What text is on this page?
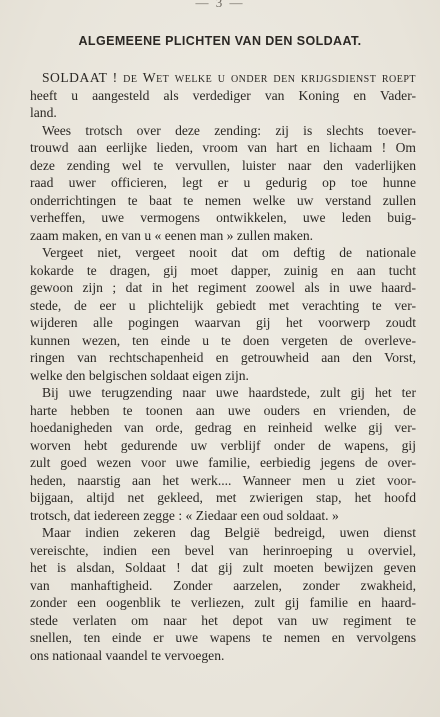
— 3 —
ALGEMEENE PLICHTEN VAN DEN SOLDAAT.

SOLDAAT ! de Wet welke u onder den krijgsdienst roept
heeft u aangesteld als verdediger van Koning en Vader-
land.

Wees trotsch over deze zending: zij is slechts toever-
trouwd aan eerlijke lieden, vroom van hart en lichaam ! Om
deze zending wel te vervullen, luister naar den vaderlijken
raad uwer officieren, legt er u gedurig op toe hunne
onderrichtingen te baat te nemen welke uw verstand zullen
verheffen, uwe vermogens ontwikkelen, uwe leden buig-
zaam maken, en van u « eenen man » zullen maken.

Vergeet niet, vergeet nooit dat om deftig de nationale
kokarde te dragen, gij moet dapper, zuinig en aan tucht
gewoon zijn ; dat in het regiment zoowel als in uwe haard-
stede, de eer u plichtelijk gebiedt met verachting te ver-
wijderen alle pogingen waarvan gij het voorwerp zoudt
kunnen wezen, ten einde u te doen vergeten de overleve-
ringen van rechtschapenheid en getrouwheid aan den Vorst,
welke den belgischen soldaat eigen zijn.

Bij uwe terugzending naar uwe haardstede, zult gij het ter
harte hebben te toonen aan uwe ouders en vrienden, de
hoedanigheden van orde, gedrag en reinheid welke gij ver-
worven hebt gedurende uw verblijf onder de wapens, gij
zult goed wezen voor uwe familie, eerbiedig jegens de over-
heden, naarstig aan het werk.... Wanneer men u ziet voor-
bijgaan, altijd net gekleed, met zwierigen stap, het hoofd
trotsch, dat iedereen zegge : « Ziedaar een oud soldaat. »

Maar indien zekeren dag België bedreigd, uwen dienst
vereischte, indien een bevel van herinroeping u overviel,
het is alsdan, Soldaat ! dat gij zult moeten bewijzen geven
van manhaftigheid. Zonder aarzelen, zonder zwakheid,
zonder een oogenblik te verliezen, zult gij familie en haard-
stede verlaten om naar het depot van uw regiment te
snellen, ten einde er uwe wapens te nemen en vervolgens
ons nationaal vaandel te vervoegen.
